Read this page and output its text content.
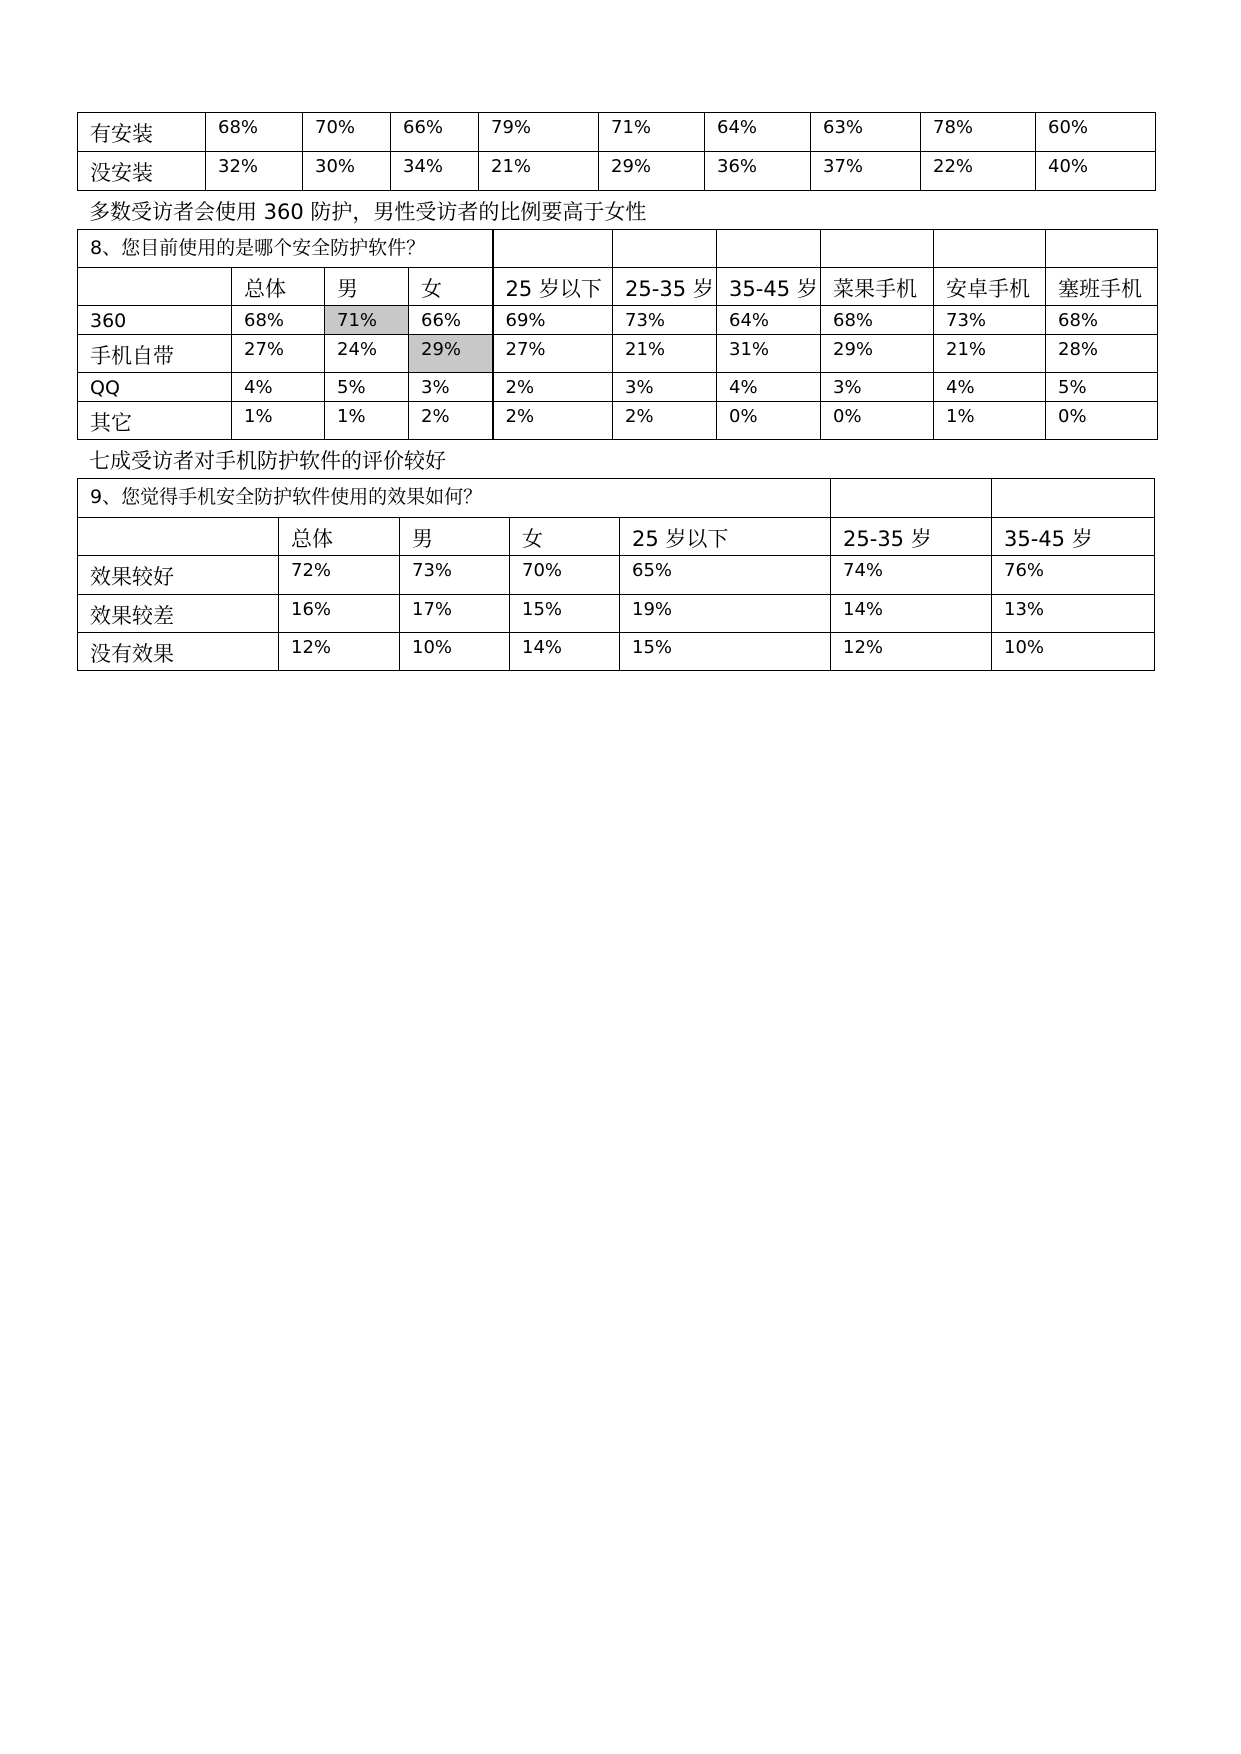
有安装	68%	70%	66%	79%	71%	64%	63%	78%	60%
没安装	32%	30%	34%	21%	29%	36%	37%	22%	40%
多数受访者会使用 360 防护，男性受访者的比例要高于女性
8、您目前使用的是哪个安全防护软件？									
	总体	男	女	25 岁以下	25-35 岁	35-45 岁	菜果手机	安卓手机	塞班手机
360	68%	71%	66%	69%	73%	64%	68%	73%	68%
手机自带	27%	24%	29%	27%	21%	31%	29%	21%	28%
QQ	4%	5%	3%	2%	3%	4%	3%	4%	5%
其它	1%	1%	2%	2%	2%	0%	0%	1%	0%
七成受访者对手机防护软件的评价较好
9、您觉得手机安全防护软件使用的效果如何？						
	总体	男	女	25 岁以下	25-35 岁	35-45 岁
效果较好	72%	73%	70%	65%	74%	76%
效果较差	16%	17%	15%	19%	14%	13%
没有效果	12%	10%	14%	15%	12%	10%
